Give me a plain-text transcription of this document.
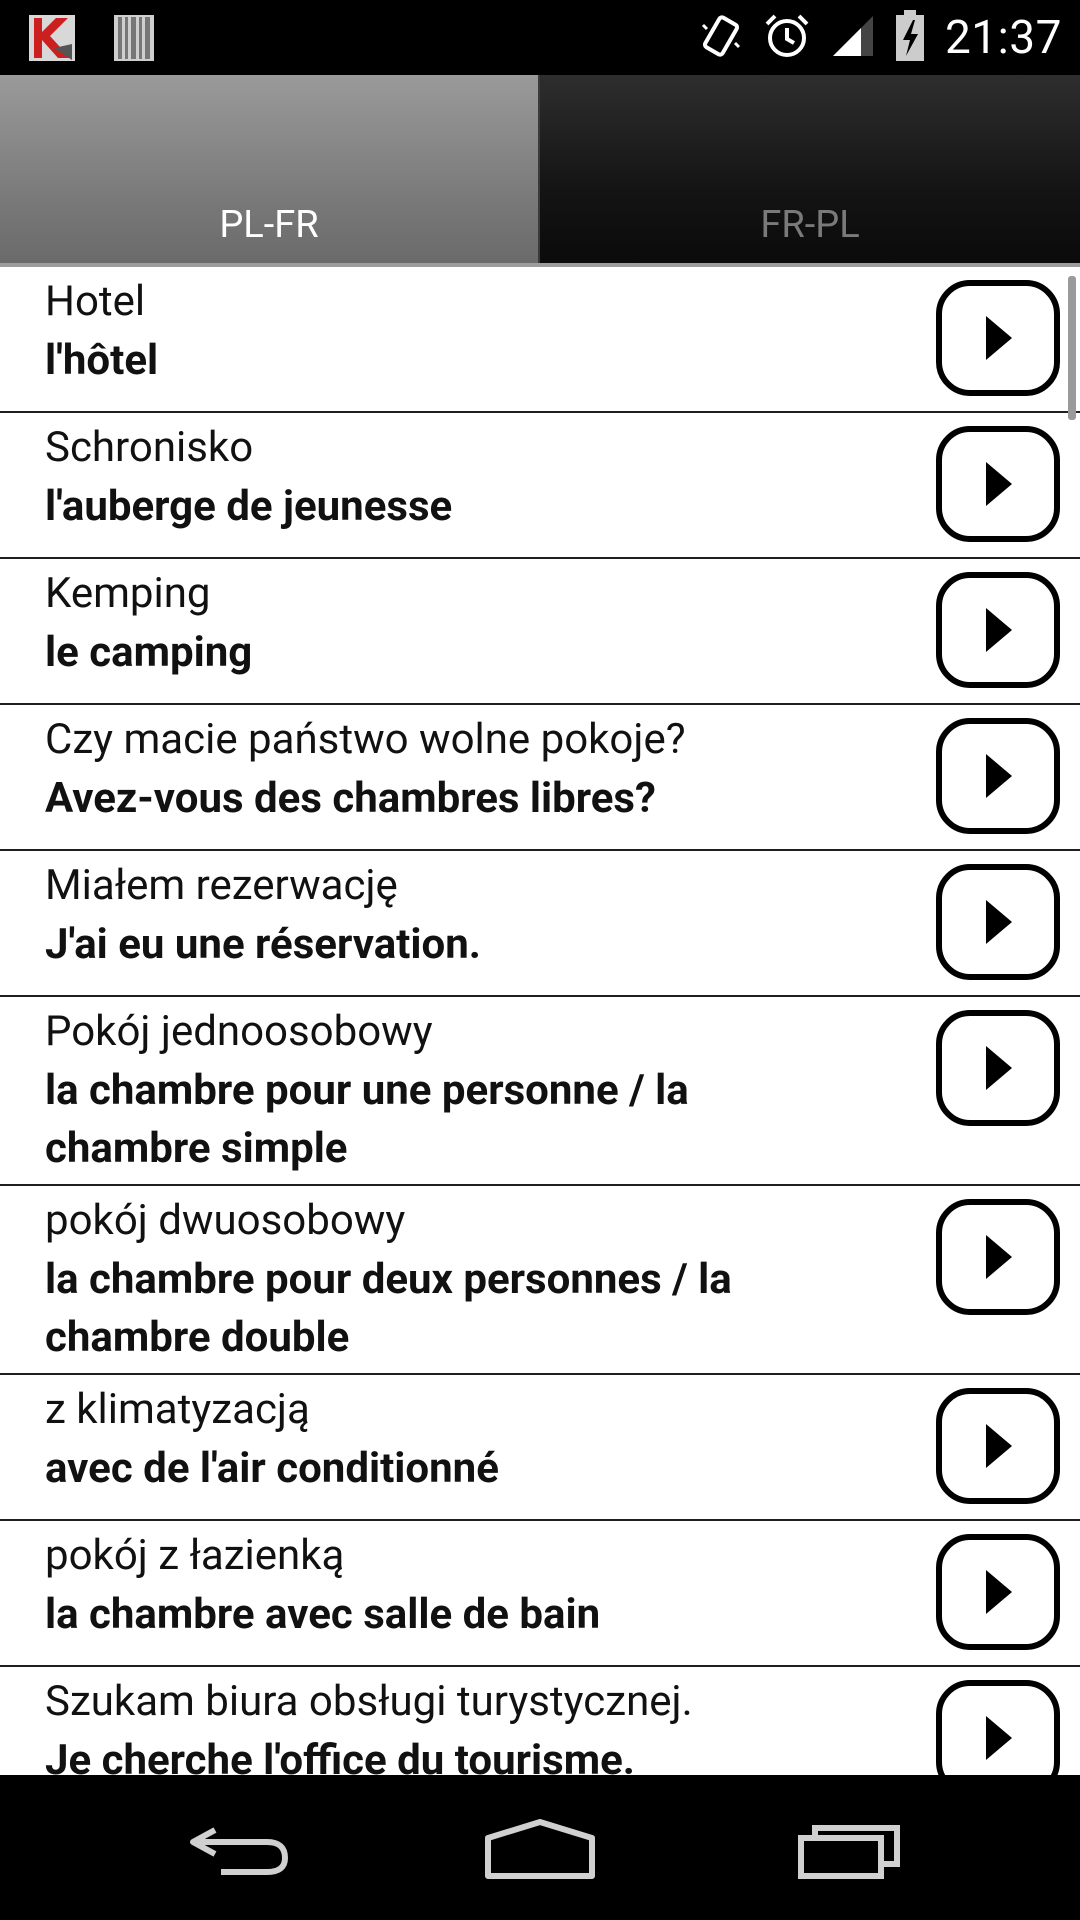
21:37
PL-FR	FR-PL
Hotel
l'hôtel
Schronisko
l'auberge de jeunesse
Kemping
le camping
Czy macie państwo wolne pokoje?
Avez-vous des chambres libres?
Miałem rezerwację
J'ai eu une réservation.
Pokój jednoosobowy
la chambre pour une personne / la chambre simple
pokój dwuosobowy
la chambre pour deux personnes / la chambre double
z klimatyzacją
avec de l'air conditionné
pokój z łazienką
la chambre avec salle de bain
Szukam biura obsługi turystycznej.
Je cherche l'office du tourisme.
